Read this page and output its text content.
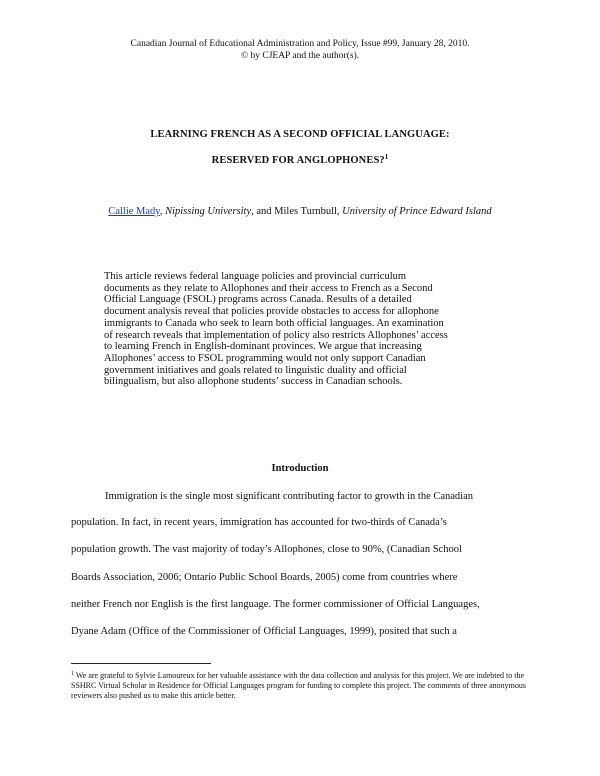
Canadian Journal of Educational Administration and Policy, Issue #99, January 28, 2010.
© by CJEAP and the author(s).
LEARNING FRENCH AS A SECOND OFFICIAL LANGUAGE:
RESERVED FOR ANGLOPHONES?$^1$
Callie Mady, Nipissing University, and Miles Turnbull, University of Prince Edward Island
This article reviews federal language policies and provincial curriculum
documents as they relate to Allophones and their access to French as a Second
Official Language (FSOL) programs across Canada. Results of a detailed
document analysis reveal that policies provide obstacles to access for allophone
immigrants to Canada who seek to learn both official languages. An examination
of research reveals that implementation of policy also restricts Allophones’ access
to learning French in English-dominant provinces. We argue that increasing
Allophones’ access to FSOL programming would not only support Canadian
government initiatives and goals related to linguistic duality and official
bilingualism, but also allophone students’ success in Canadian schools.
Introduction
Immigration is the single most significant contributing factor to growth in the Canadian
population. In fact, in recent years, immigration has accounted for two-thirds of Canada’s
population growth. The vast majority of today’s Allophones, close to 90%, (Canadian School
Boards Association, 2006; Ontario Public School Boards, 2005) come from countries where
neither French nor English is the first language. The former commissioner of Official Languages,
Dyane Adam (Office of the Commissioner of Official Languages, 1999), posited that such a
$^1$ We are grateful to Sylvie Lamoureux for her valuable assistance with the data collection and analysis for this project. We are indebted to the SSHRC Virtual Scholar in Residence for Official Languages program for funding to complete this project. The comments of three anonymous reviewers also pushed us to make this article better.
